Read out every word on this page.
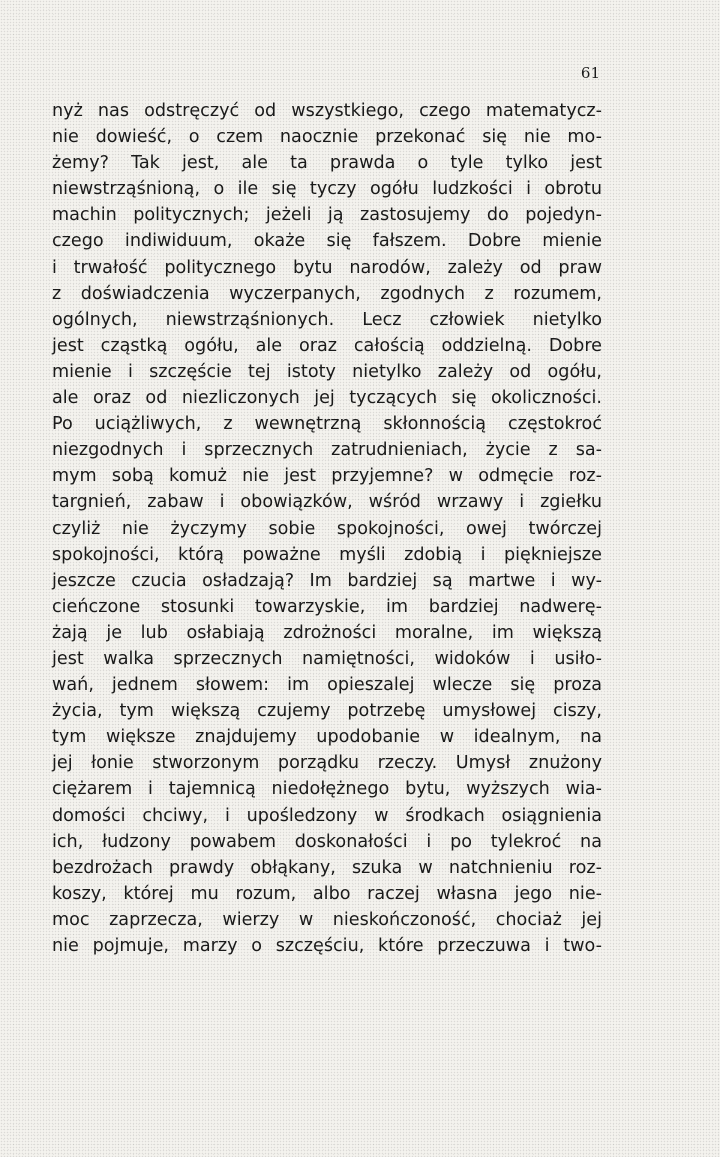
61

nyż nas odstręczyć od wszystkiego, czego matematycz-
nie dowieść, o czem naocznie przekonać się nie mo-
żemy? Tak jest, ale ta prawda o tyle tylko jest
niewstrząśnioną, o ile się tyczy ogółu ludzkości i obrotu
machin politycznych; jeżeli ją zastosujemy do pojedyn-
czego indiwiduum, okaże się fałszem. Dobre mienie
i trwałość politycznego bytu narodów, zależy od praw
z doświadczenia wyczerpanych, zgodnych z rozumem,
ogólnych, niewstrząśnionych. Lecz człowiek nietylko
jest cząstką ogółu, ale oraz całością oddzielną. Dobre
mienie i szczęście tej istoty nietylko zależy od ogółu,
ale oraz od niezliczonych jej tyczących się okoliczności.
Po uciążliwych, z wewnętrzną skłonnością częstokroć
niezgodnych i sprzecznych zatrudnieniach, życie z sa-
mym sobą komuż nie jest przyjemne? w odmęcie roz-
targnień, zabaw i obowiązków, wśród wrzawy i zgiełku
czyliż nie życzymy sobie spokojności, owej twórczej
spokojności, którą poważne myśli zdobią i piękniejsze
jeszcze czucia osładzają? Im bardziej są martwe i wy-
cieńczone stosunki towarzyskie, im bardziej nadwerę-
żają je lub osłabiają zdrożności moralne, im większą
jest walka sprzecznych namiętności, widoków i usiło-
wań, jednem słowem: im opieszalej wlecze się proza
życia, tym większą czujemy potrzebę umysłowej ciszy,
tym większe znajdujemy upodobanie w idealnym, na
jej łonie stworzonym porządku rzeczy. Umysł znużony
ciężarem i tajemnicą niedołężnego bytu, wyższych wia-
domości chciwy, i upośledzony w środkach osiągnienia
ich, łudzony powabem doskonałości i po tylekroć na
bezdrożach prawdy obłąkany, szuka w natchnieniu roz-
koszy, której mu rozum, albo raczej własna jego nie-
moc zaprzecza, wierzy w nieskończoność, chociaż jej
nie pojmuje, marzy o szczęściu, które przeczuwa i two-
